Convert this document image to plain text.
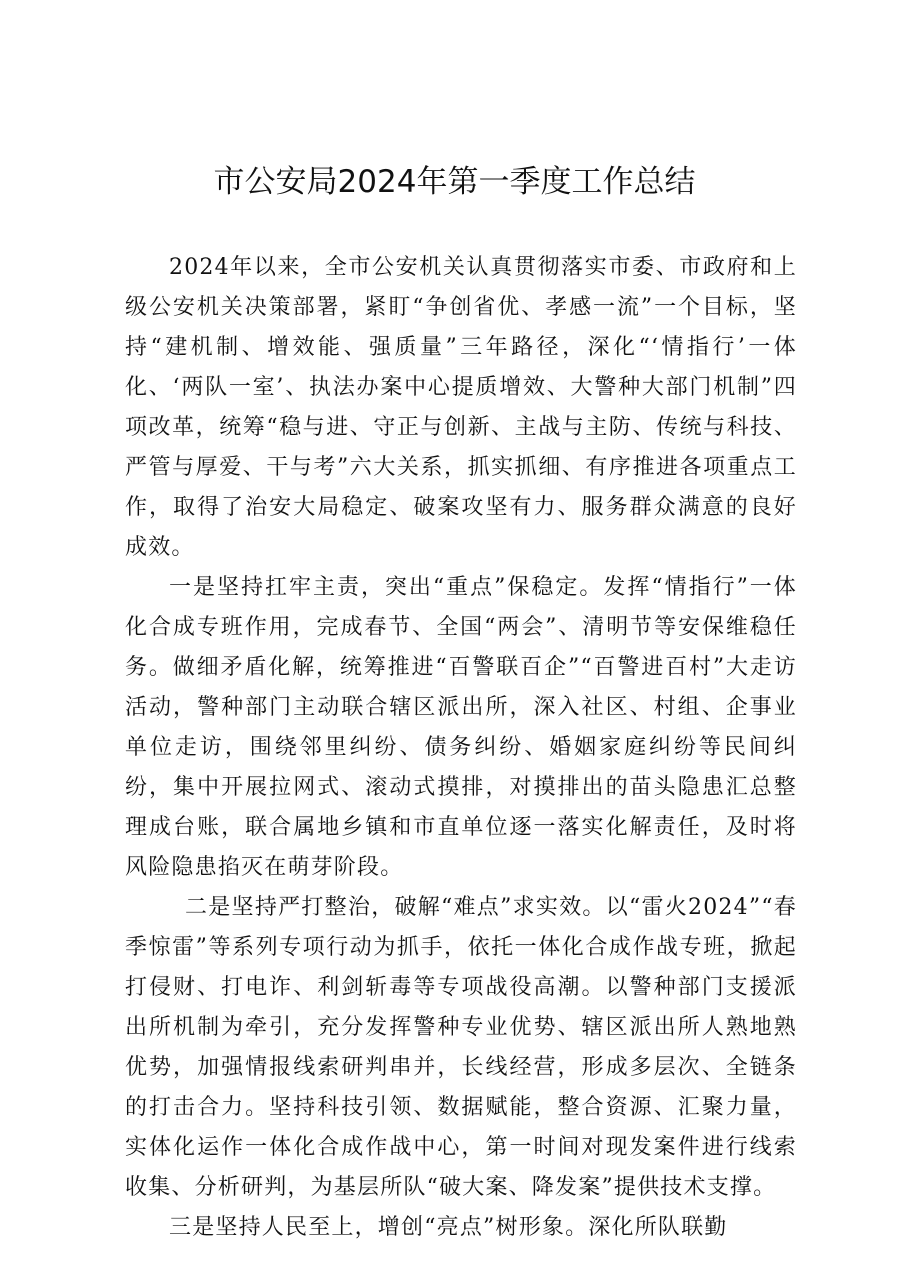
市公安局2024年第一季度工作总结

2024年以来，全市公安机关认真贯彻落实市委、市政府和上级公安机关决策部署，紧盯“争创省优、孝感一流”一个目标，坚持“建机制、增效能、强质量”三年路径，深化“‘情指行’一体化、‘两队一室’、执法办案中心提质增效、大警种大部门机制”四项改革，统筹“稳与进、守正与创新、主战与主防、传统与科技、严管与厚爱、干与考”六大关系，抓实抓细、有序推进各项重点工作，取得了治安大局稳定、破案攻坚有力、服务群众满意的良好成效。

一是坚持扛牢主责，突出“重点”保稳定。发挥“情指行”一体化合成专班作用，完成春节、全国“两会”、清明节等安保维稳任务。做细矛盾化解，统筹推进“百警联百企”“百警进百村”大走访活动，警种部门主动联合辖区派出所，深入社区、村组、企事业单位走访，围绕邻里纠纷、债务纠纷、婚姻家庭纠纷等民间纠纷，集中开展拉网式、滚动式摸排，对摸排出的苗头隐患汇总整理成台账，联合属地乡镇和市直单位逐一落实化解责任，及时将风险隐患掐灭在萌芽阶段。

二是坚持严打整治，破解“难点”求实效。以“雷火2024”“春季惊雷”等系列专项行动为抓手，依托一体化合成作战专班，掀起打侵财、打电诈、利剑斩毒等专项战役高潮。以警种部门支援派出所机制为牵引，充分发挥警种专业优势、辖区派出所人熟地熟优势，加强情报线索研判串并，长线经营，形成多层次、全链条的打击合力。坚持科技引领、数据赋能，整合资源、汇聚力量，实体化运作一体化合成作战中心，第一时间对现发案件进行线索收集、分析研判，为基层所队“破大案、降发案”提供技术支撑。

三是坚持人民至上，增创“亮点”树形象。深化所队联勤
